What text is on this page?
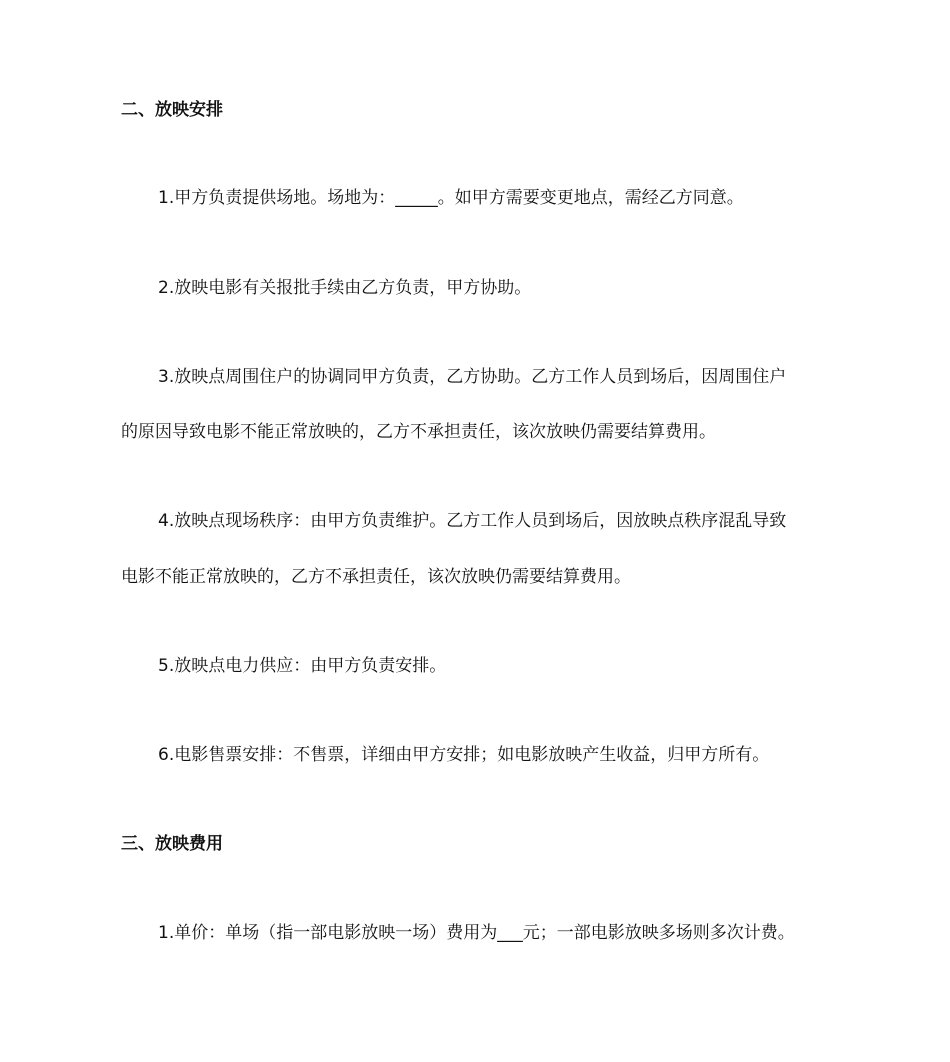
二、放映安排
1.甲方负责提供场地。场地为：_____。如甲方需要变更地点，需经乙方同意。
2.放映电影有关报批手续由乙方负责，甲方协助。
3.放映点周围住户的协调同甲方负责，乙方协助。乙方工作人员到场后，因周围住户
的原因导致电影不能正常放映的，乙方不承担责任，该次放映仍需要结算费用。
4.放映点现场秩序：由甲方负责维护。乙方工作人员到场后，因放映点秩序混乱导致
电影不能正常放映的，乙方不承担责任，该次放映仍需要结算费用。
5.放映点电力供应：由甲方负责安排。
6.电影售票安排：不售票，详细由甲方安排；如电影放映产生收益，归甲方所有。
三、放映费用
1.单价：单场（指一部电影放映一场）费用为___元；一部电影放映多场则多次计费。
